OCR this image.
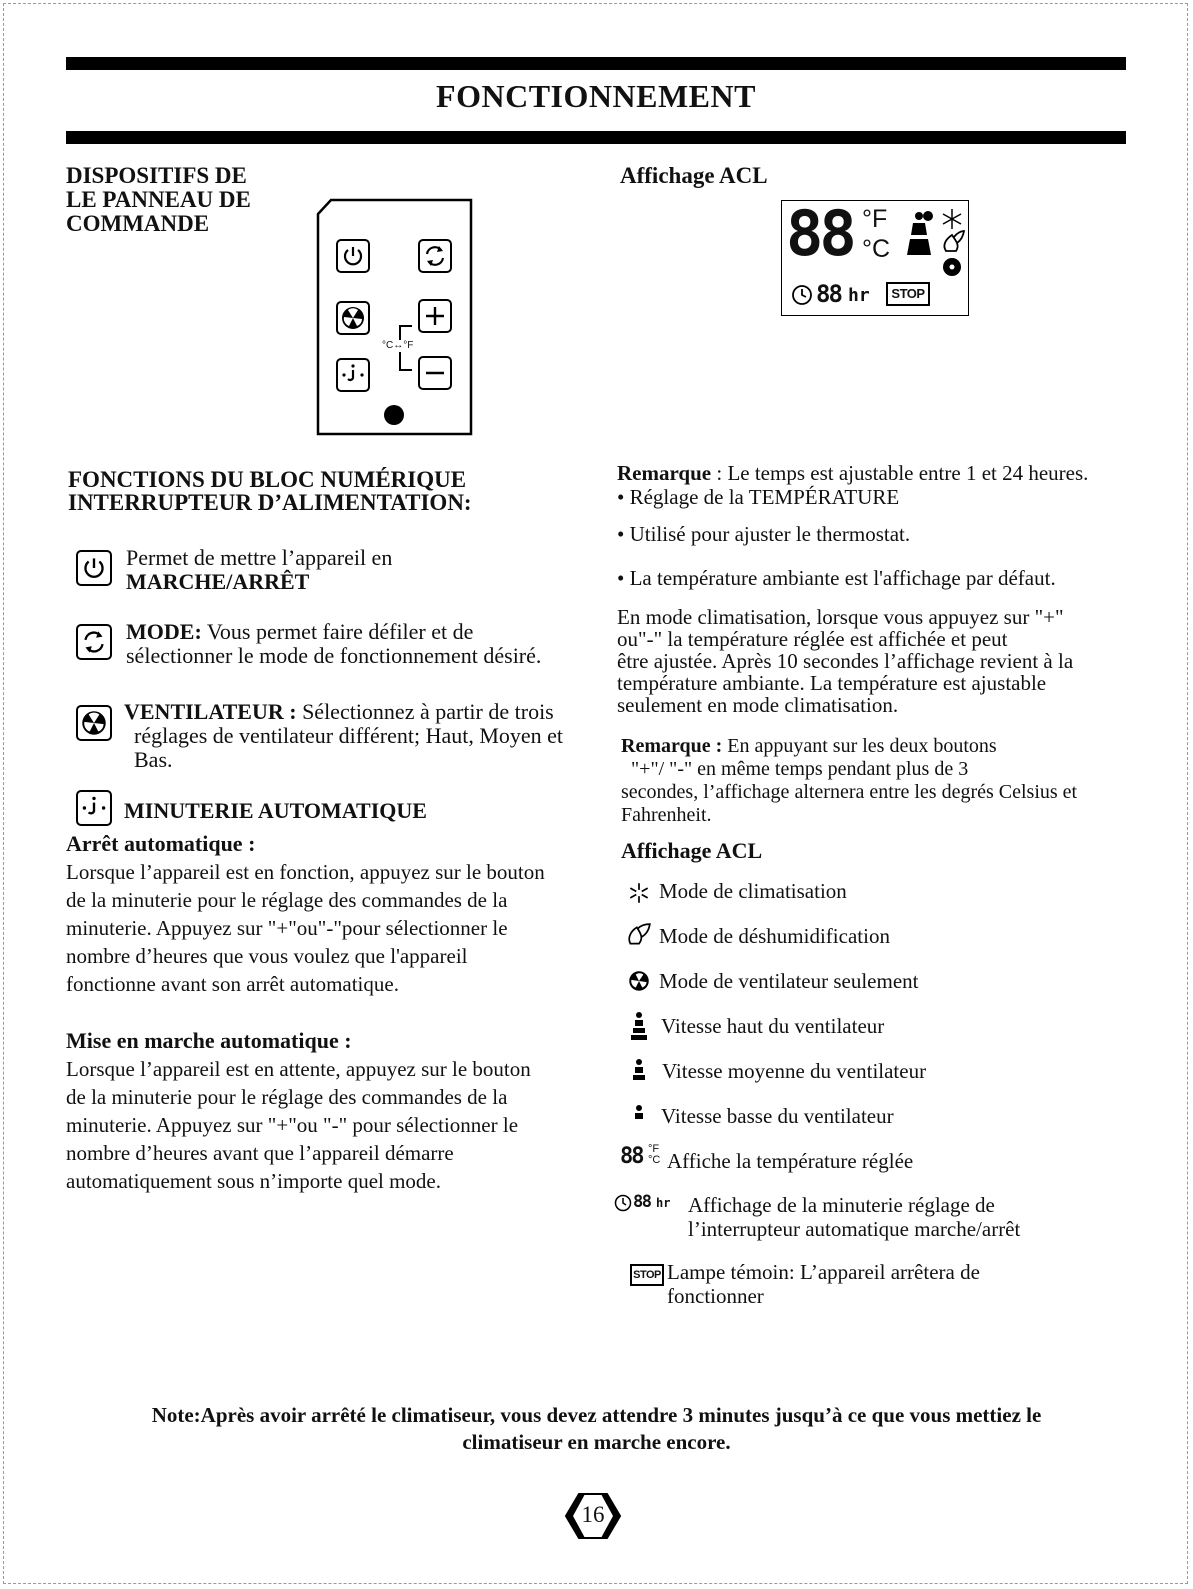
FONCTIONNEMENT
DISPOSITIFS DE
LE PANNEAU DE
COMMANDE
°C↔°F
Affichage ACL
88 °F
°C
88 hr	STOP
FONCTIONS DU BLOC NUMÉRIQUE
INTERRUPTEUR D’ALIMENTATION:
Permet de mettre l’appareil en
MARCHE/ARRÊT
MODE: Vous permet faire défiler et de
sélectionner le mode de fonctionnement désiré.
VENTILATEUR : Sélectionnez à partir de trois
réglages de ventilateur différent; Haut, Moyen et
Bas.
MINUTERIE AUTOMATIQUE
Arrêt automatique :
Lorsque l’appareil est en fonction, appuyez sur le bouton
de la minuterie pour le réglage des commandes de la
minuterie. Appuyez sur "+"ou"-"pour sélectionner le
nombre d’heures que vous voulez que l'appareil
fonctionne avant son arrêt automatique.
Mise en marche automatique :
Lorsque l’appareil est en attente, appuyez sur le bouton
de la minuterie pour le réglage des commandes de la
minuterie. Appuyez sur "+"ou "-" pour sélectionner le
nombre d’heures avant que l’appareil démarre
automatiquement sous n’importe quel mode.
Remarque : Le temps est ajustable entre 1 et 24 heures.
• Réglage de la TEMPÉRATURE
• Utilisé pour ajuster le thermostat.
• La température ambiante est l'affichage par défaut.
En mode climatisation, lorsque vous appuyez sur "+"
ou"-" la température réglée est affichée et peut
être ajustée. Après 10 secondes l’affichage revient à la
température ambiante. La température est ajustable
seulement en mode climatisation.
Remarque : En appuyant sur les deux boutons
"+"/ "-" en même temps pendant plus de 3
secondes, l’affichage alternera entre les degrés Celsius et
Fahrenheit.
Affichage ACL
Mode de climatisation
Mode de déshumidification
Mode de ventilateur seulement
Vitesse haut du ventilateur
Vitesse moyenne du ventilateur
Vitesse basse du ventilateur
88 °F
°C Affiche la température réglée
88 hr Affichage de la minuterie réglage de
l’interrupteur automatique marche/arrêt
STOP Lampe témoin: L’appareil arrêtera de
fonctionner
Note:Après avoir arrêté le climatiseur, vous devez attendre 3 minutes jusqu’à ce que vous mettiez le
climatiseur en marche encore.
16
